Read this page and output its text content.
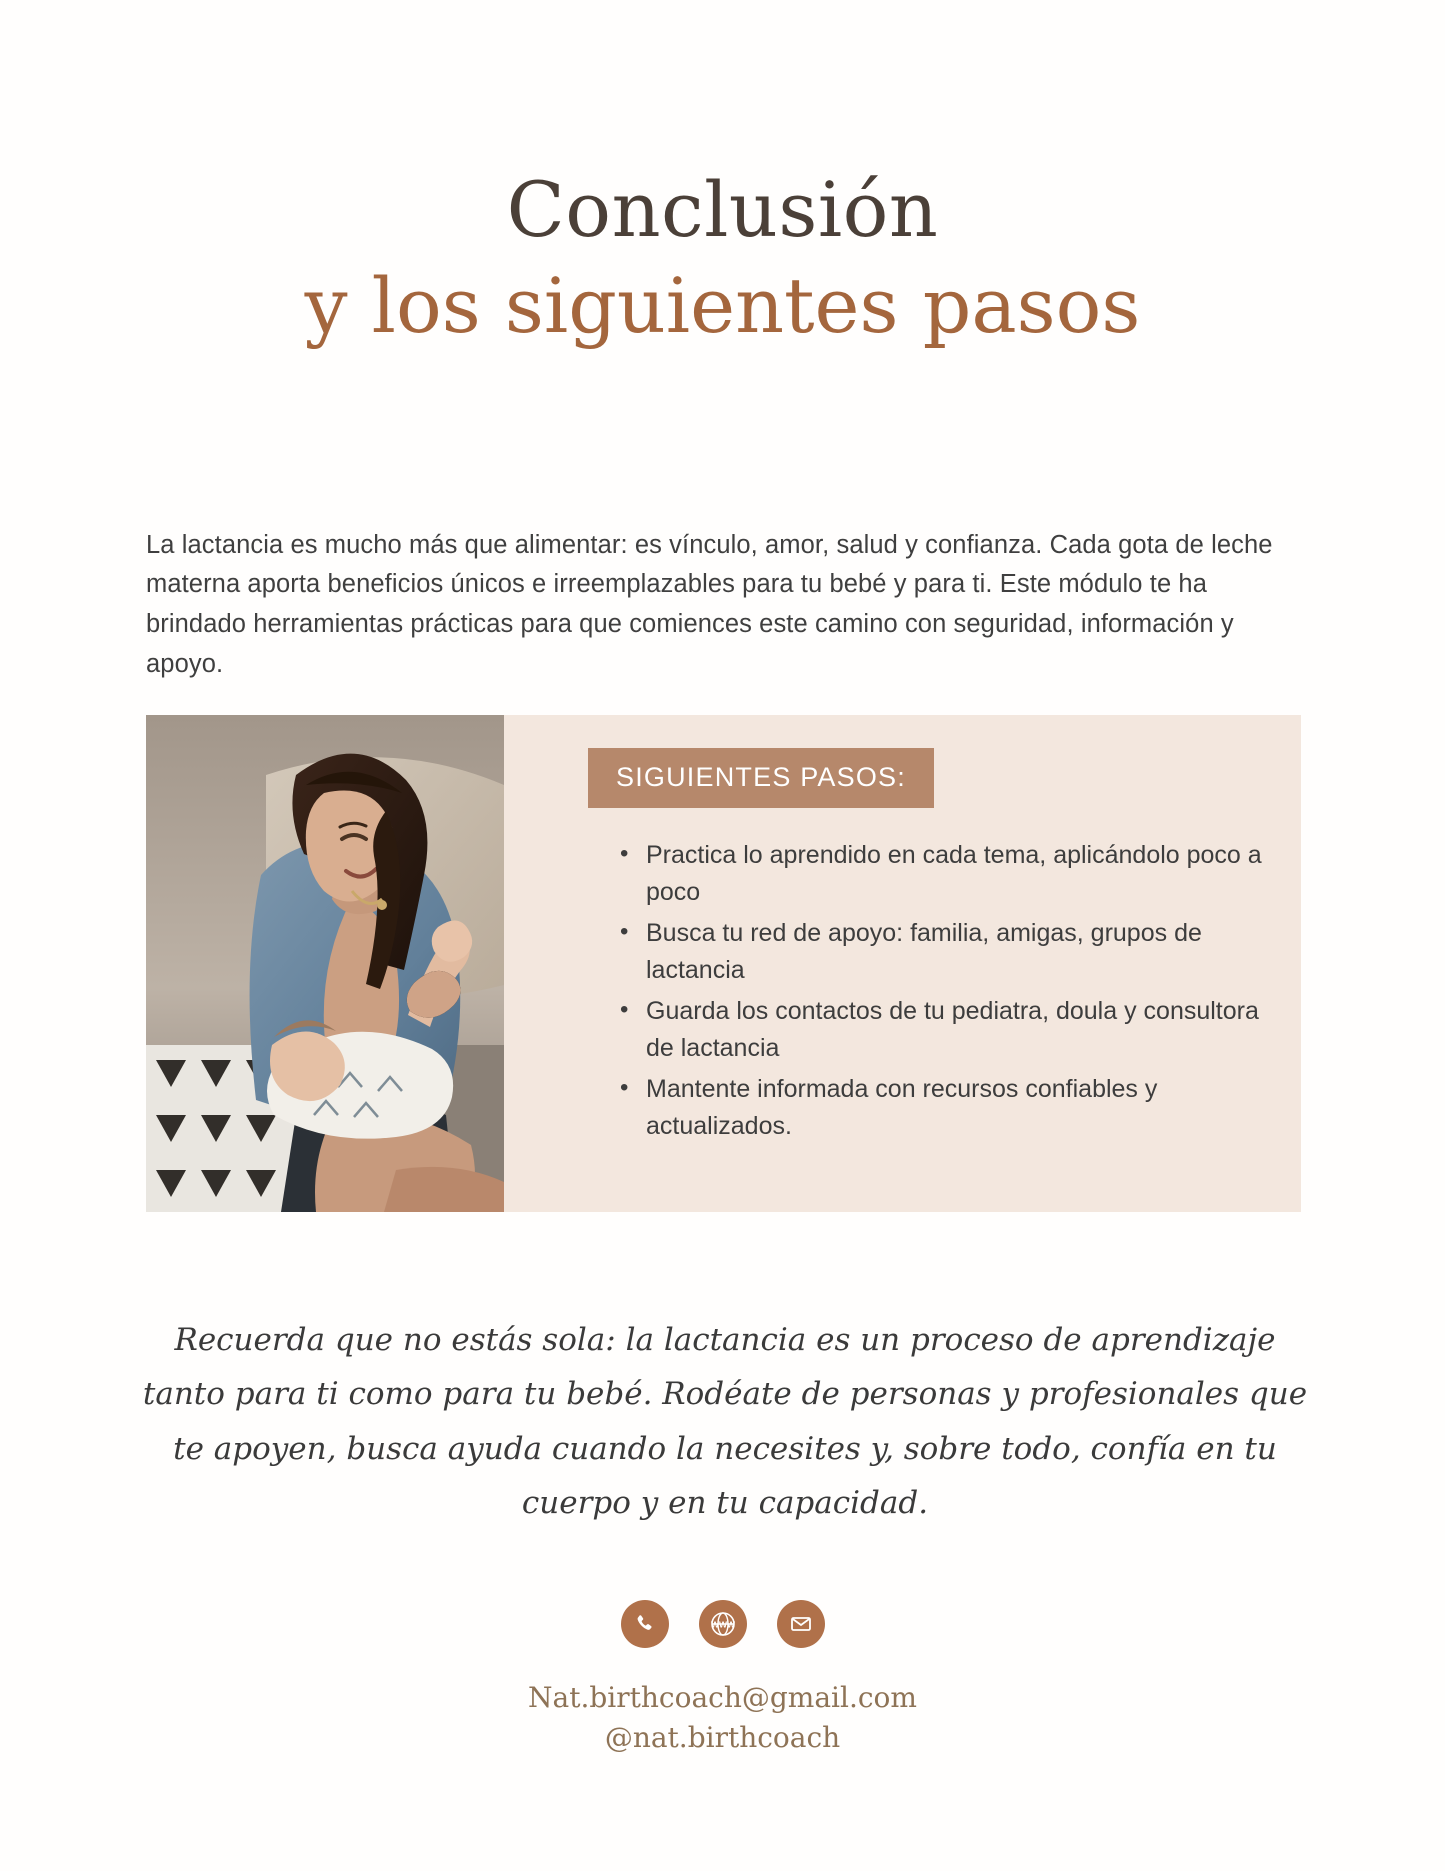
Conclusión
y los siguientes pasos

La lactancia es mucho más que alimentar: es vínculo, amor, salud y confianza. Cada gota de leche materna aporta beneficios únicos e irreemplazables para tu bebé y para ti. Este módulo te ha brindado herramientas prácticas para que comiences este camino con seguridad, información y apoyo.

SIGUIENTES PASOS:
• Practica lo aprendido en cada tema, aplicándolo poco a poco
• Busca tu red de apoyo: familia, amigas, grupos de lactancia
• Guarda los contactos de tu pediatra, doula y consultora de lactancia
• Mantente informada con recursos confiables y actualizados.

Recuerda que no estás sola: la lactancia es un proceso de aprendizaje tanto para ti como para tu bebé. Rodéate de personas y profesionales que te apoyen, busca ayuda cuando la necesites y, sobre todo, confía en tu cuerpo y en tu capacidad.

WWW
Nat.birthcoach@gmail.com
@nat.birthcoach
